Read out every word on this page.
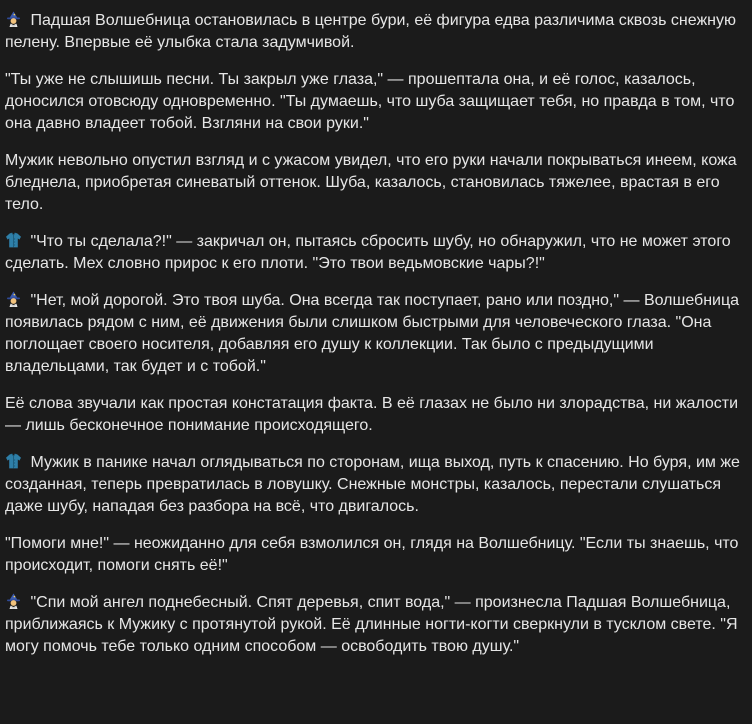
Падшая Волшебница остановилась в центре бури, её фигура едва различима сквозь снежную пелену. Впервые её улыбка стала задумчивой.

"Ты уже не слышишь песни. Ты закрыл уже глаза," — прошептала она, и её голос, казалось, доносился отовсюду одновременно. "Ты думаешь, что шуба защищает тебя, но правда в том, что она давно владеет тобой. Взгляни на свои руки."

Мужик невольно опустил взгляд и с ужасом увидел, что его руки начали покрываться инеем, кожа бледнела, приобретая синеватый оттенок. Шуба, казалось, становилась тяжелее, врастая в его тело.

"Что ты сделала?!" — закричал он, пытаясь сбросить шубу, но обнаружил, что не может этого сделать. Мех словно прирос к его плоти. "Это твои ведьмовские чары?!"

"Нет, мой дорогой. Это твоя шуба. Она всегда так поступает, рано или поздно," — Волшебница появилась рядом с ним, её движения были слишком быстрыми для человеческого глаза. "Она поглощает своего носителя, добавляя его душу к коллекции. Так было с предыдущими владельцами, так будет и с тобой."

Её слова звучали как простая констатация факта. В её глазах не было ни злорадства, ни жалости — лишь бесконечное понимание происходящего.

Мужик в панике начал оглядываться по сторонам, ища выход, путь к спасению. Но буря, им же созданная, теперь превратилась в ловушку. Снежные монстры, казалось, перестали слушаться даже шубу, нападая без разбора на всё, что двигалось.

"Помоги мне!" — неожиданно для себя взмолился он, глядя на Волшебницу. "Если ты знаешь, что происходит, помоги снять её!"

"Спи мой ангел поднебесный. Спят деревья, спит вода," — произнесла Падшая Волшебница, приближаясь к Мужику с протянутой рукой. Её длинные ногти-когти сверкнули в тусклом свете. "Я могу помочь тебе только одним способом — освободить твою душу."
